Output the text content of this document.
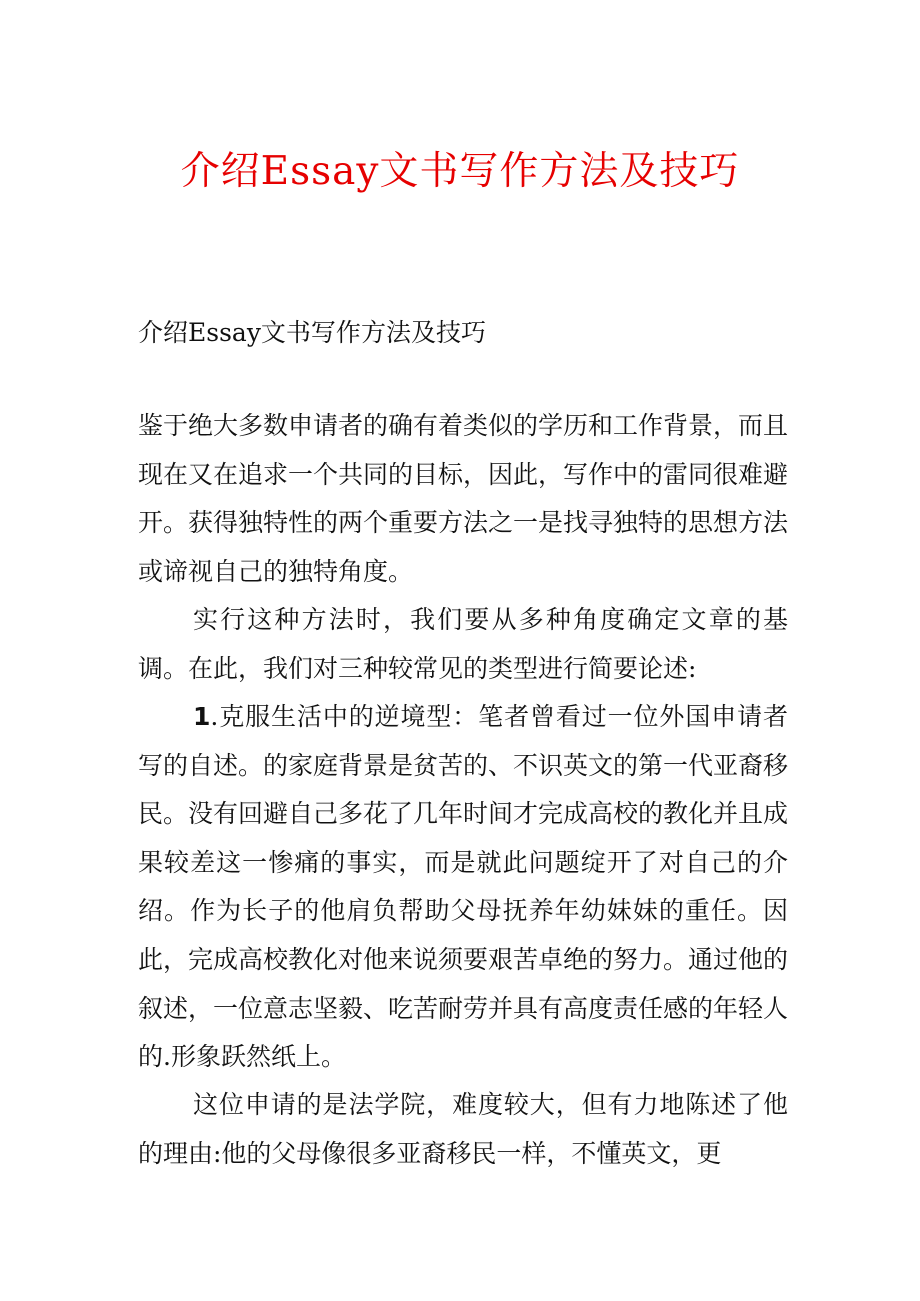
介绍Essay文书写作方法及技巧
介绍Essay文书写作方法及技巧

鉴于绝大多数申请者的确有着类似的学历和工作背景，而且现在又在追求一个共同的目标，因此，写作中的雷同很难避开。获得独特性的两个重要方法之一是找寻独特的思想方法或谛视自己的独特角度。

实行这种方法时，我们要从多种角度确定文章的基调。在此，我们对三种较常见的类型进行简要论述:

1.克服生活中的逆境型：笔者曾看过一位外国申请者写的自述。的家庭背景是贫苦的、不识英文的第一代亚裔移民。没有回避自己多花了几年时间才完成高校的教化并且成果较差这一惨痛的事实，而是就此问题绽开了对自己的介绍。作为长子的他肩负帮助父母抚养年幼妹妹的重任。因此，完成高校教化对他来说须要艰苦卓绝的努力。通过他的叙述，一位意志坚毅、吃苦耐劳并具有高度责任感的年轻人的.形象跃然纸上。

这位申请的是法学院，难度较大，但有力地陈述了他的理由:他的父母像很多亚裔移民一样，不懂英文，更
